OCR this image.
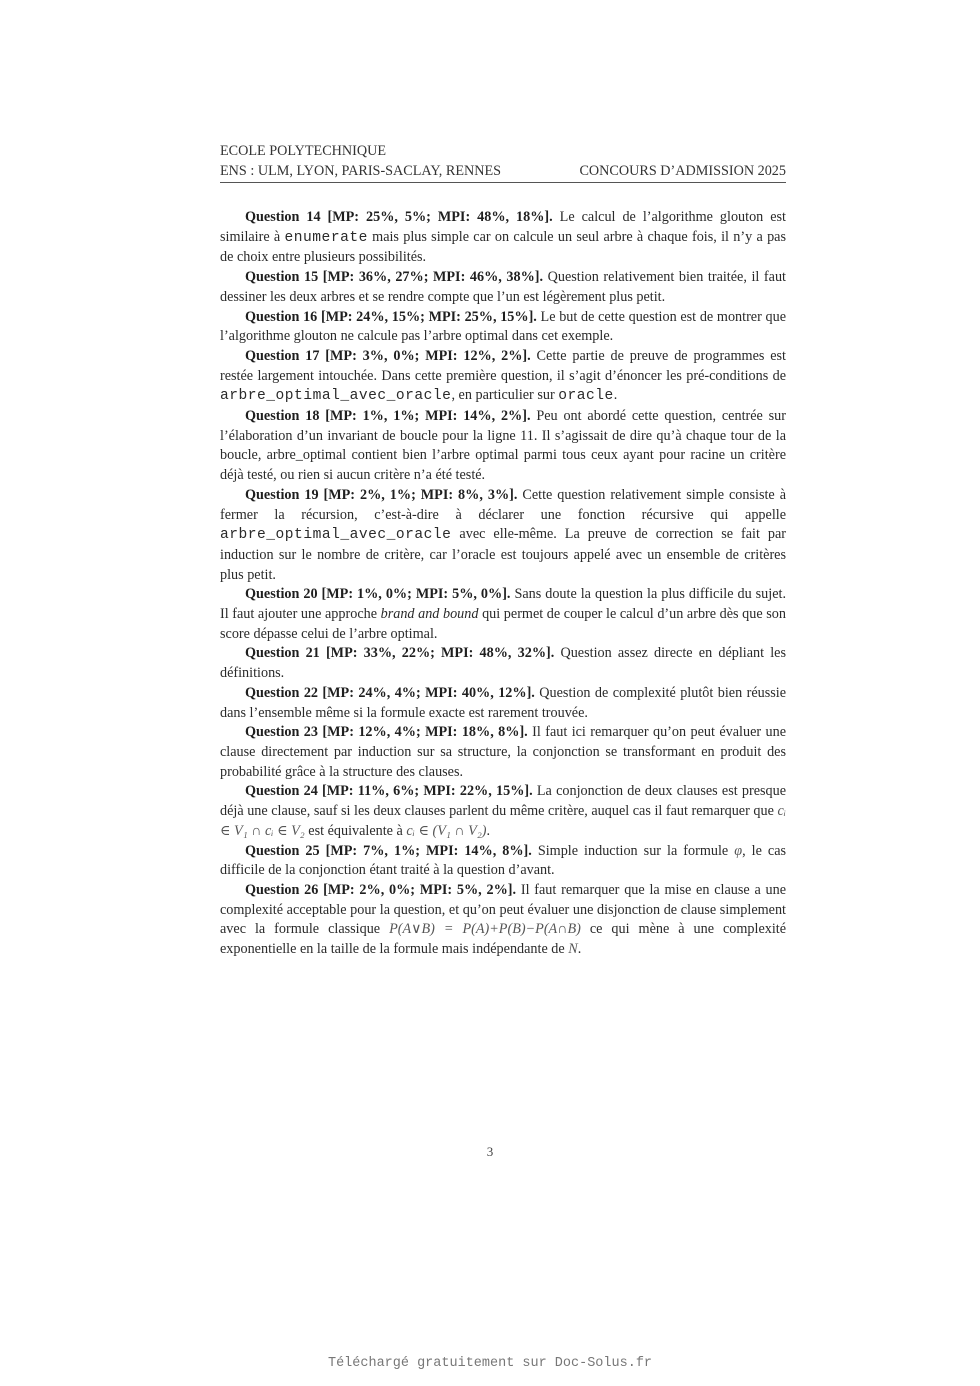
ECOLE POLYTECHNIQUE
ENS : ULM, LYON, PARIS-SACLAY, RENNES	CONCOURS D’ADMISSION 2025

Question 14 [MP: 25%, 5%; MPI: 48%, 18%]. Le calcul de l’algorithme glouton est similaire à enumerate mais plus simple car on calcule un seul arbre à chaque fois, il n’y a pas de choix entre plusieurs possibilités.

Question 15 [MP: 36%, 27%; MPI: 46%, 38%]. Question relativement bien traitée, il faut dessiner les deux arbres et se rendre compte que l’un est légèrement plus petit.

Question 16 [MP: 24%, 15%; MPI: 25%, 15%]. Le but de cette question est de montrer que l’algorithme glouton ne calcule pas l’arbre optimal dans cet exemple.

Question 17 [MP: 3%, 0%; MPI: 12%, 2%]. Cette partie de preuve de programmes est restée largement intouchée. Dans cette première question, il s’agit d’énoncer les pré-conditions de arbre_optimal_avec_oracle, en particulier sur oracle.

Question 18 [MP: 1%, 1%; MPI: 14%, 2%]. Peu ont abordé cette question, centrée sur l’élaboration d’un invariant de boucle pour la ligne 11. Il s’agissait de dire qu’à chaque tour de la boucle, arbre_optimal contient bien l’arbre optimal parmi tous ceux ayant pour racine un critère déjà testé, ou rien si aucun critère n’a été testé.

Question 19 [MP: 2%, 1%; MPI: 8%, 3%]. Cette question relativement simple consiste à fermer la récursion, c’est-à-dire à déclarer une fonction récursive qui appelle arbre_optimal_avec_oracle avec elle-même. La preuve de correction se fait par induction sur le nombre de critère, car l’oracle est toujours appelé avec un ensemble de critères plus petit.

Question 20 [MP: 1%, 0%; MPI: 5%, 0%]. Sans doute la question la plus difficile du sujet. Il faut ajouter une approche brand and bound qui permet de couper le calcul d’un arbre dès que son score dépasse celui de l’arbre optimal.

Question 21 [MP: 33%, 22%; MPI: 48%, 32%]. Question assez directe en dépliant les définitions.

Question 22 [MP: 24%, 4%; MPI: 40%, 12%]. Question de complexité plutôt bien réussie dans l’ensemble même si la formule exacte est rarement trouvée.

Question 23 [MP: 12%, 4%; MPI: 18%, 8%]. Il faut ici remarquer qu’on peut évaluer une clause directement par induction sur sa structure, la conjonction se transformant en produit des probabilité grâce à la structure des clauses.

Question 24 [MP: 11%, 6%; MPI: 22%, 15%]. La conjonction de deux clauses est presque déjà une clause, sauf si les deux clauses parlent du même critère, auquel cas il faut remarquer que cᵢ ∈ V₁ ∩ cᵢ ∈ V₂ est équivalente à cᵢ ∈ (V₁ ∩ V₂).

Question 25 [MP: 7%, 1%; MPI: 14%, 8%]. Simple induction sur la formule φ, le cas difficile de la conjonction étant traité à la question d’avant.

Question 26 [MP: 2%, 0%; MPI: 5%, 2%]. Il faut remarquer que la mise en clause a une complexité acceptable pour la question, et qu’on peut évaluer une disjonction de clause simplement avec la formule classique P(A∨B) = P(A)+P(B)−P(A∩B) ce qui mène à une complexité exponentielle en la taille de la formule mais indépendante de N.

3
Téléchargé gratuitement sur Doc-Solus.fr
